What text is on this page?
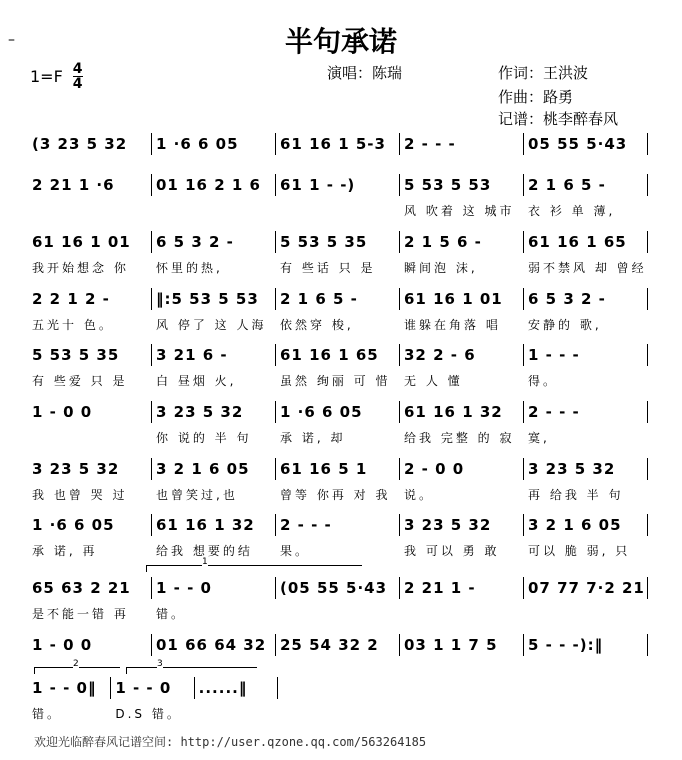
–	半句承诺
$1=F \frac{4}{4}$	演唱：陈瑞	作词：王洪波
作曲：路勇
记谱：桃李醉春风
1
2	3
(3 23 5 32	1 ·6 6 05	61 16 1 5-3	2 - - -	05 55 5·43
2 21 1 ·6	01 16 2 1 6	61 1 - -)	5 53 5 53	2 1 6 5 -
风 吹着 这 城市	衣 衫 单 薄,
61 16 1 01	6 5 3 2 -	5 53 5 35	2 1 5 6 -	61 16 1 65
我开始想念 你	怀里的热,	有 些话 只 是	瞬间泡 沫,	弱不禁风 却 曾经
2 2 1 2 -	‖:5 53 5 53	2 1 6 5 -	61 16 1 01	6 5 3 2 -
五光十 色。	风 停了 这 人海	依然穿 梭,	谁躲在角落 唱	安静的 歌,
5 53 5 35	3 21 6 -	61 16 1 65	32 2 - 6	1 - - -
有 些爱 只 是	白 昼烟 火,	虽然 绚丽 可 惜	无 人 懂	得。
1 - 0 0	3 23 5 32	1 ·6 6 05	61 16 1 32	2 - - -
你 说的 半 句	承 诺, 却	给我 完整 的 寂	寞,
3 23 5 32	3 2 1 6 05	61 16 5 1	2 - 0 0	3 23 5 32
我 也曾 哭 过	也曾笑过,也	曾等 你再 对 我	说。	再 给我 半 句
1 ·6 6 05	61 16 1 32	2 - - -	3 23 5 32	3 2 1 6 05
承 诺, 再	给我 想要的结	果。	我 可以 勇 敢	可以 脆 弱, 只
65 63 2 21	1 - - 0	(05 55 5·43	2 21 1 -	07 77 7·2 21
是不能一错 再	错。
1 - 0 0	01 66 64 32 25 54 32 2	03 1 1 7 5	5 - - -):‖
1 - - 0‖	1 - - 0	......‖
错。	D.S 错。
欢迎光临醉春风记谱空间: http://user.qzone.qq.com/563264185
